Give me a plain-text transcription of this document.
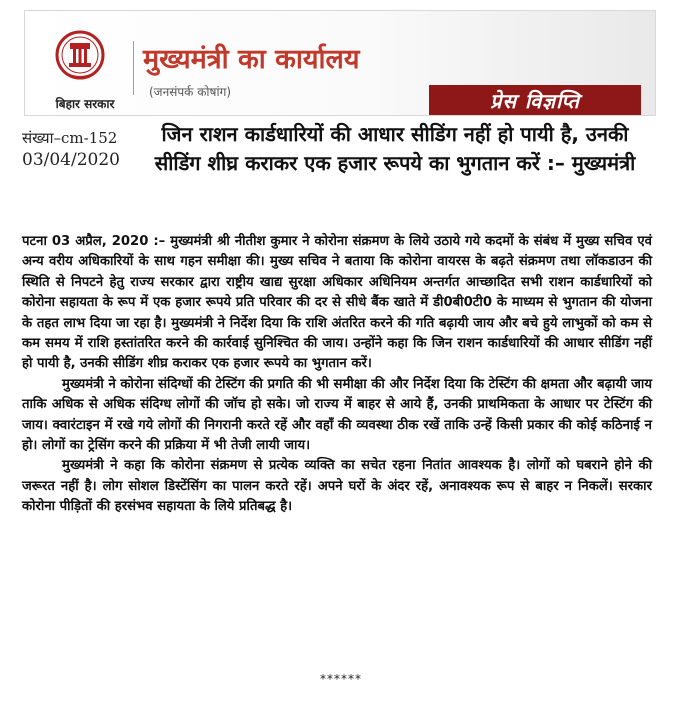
बिहार सरकार
मुख्यमंत्री का कार्यालय
(जनसंपर्क कोषांग)	प्रेस विज्ञप्ति
संख्या–cm-152
03/04/2020
जिन राशन कार्डधारियों की आधार सीडिंग नहीं हो पायी है, उनकी सीडिंग शीघ्र कराकर एक हजार रूपये का भुगतान करें :– मुख्यमंत्री

पटना 03 अप्रैल, 2020 :– मुख्यमंत्री श्री नीतीश कुमार ने कोरोना संक्रमण के लिये उठाये गये कदमों के संबंध में मुख्य सचिव एवं अन्य वरीय अधिकारियों के साथ गहन समीक्षा की। मुख्य सचिव ने बताया कि कोरोना वायरस के बढ़ते संक्रमण तथा लॉकडाउन की स्थिति से निपटने हेतु राज्य सरकार द्वारा राष्ट्रीय खाद्य सुरक्षा अधिकार अधिनियम अन्तर्गत आच्छादित सभी राशन कार्डधारियों को कोरोना सहायता के रूप में एक हजार रूपये प्रति परिवार की दर से सीधे बैंक खाते में डी0बी0टी0 के माध्यम से भुगतान की योजना के तहत लाभ दिया जा रहा है। मुख्यमंत्री ने निर्देश दिया कि राशि अंतरित करने की गति बढ़ायी जाय और बचे हुये लाभुकों को कम से कम समय में राशि हस्तांतरित करने की कार्रवाई सुनिश्चित की जाय। उन्होंने कहा कि जिन राशन कार्डधारियों की आधार सीडिंग नहीं हो पायी है, उनकी सीडिंग शीघ्र कराकर एक हजार रूपये का भुगतान करें।

मुख्यमंत्री ने कोरोना संदिग्धों की टेस्टिंग की प्रगति की भी समीक्षा की और निर्देश दिया कि टेस्टिंग की क्षमता और बढ़ायी जाय ताकि अधिक से अधिक संदिग्ध लोगों की जॉच हो सके। जो राज्य में बाहर से आये हैं, उनकी प्राथमिकता के आधार पर टेस्टिंग की जाय। क्वारंटाइन में रखे गये लोगों की निगरानी करते रहें और वहाँ की व्यवस्था ठीक रखें ताकि उन्हें किसी प्रकार की कोई कठिनाई न हो। लोगों का ट्रेसिंग करने की प्रक्रिया में भी तेजी लायी जाय।

मुख्यमंत्री ने कहा कि कोरोना संक्रमण से प्रत्येक व्यक्ति का सचेत रहना नितांत आवश्यक है। लोगों को घबराने होने की जरूरत नहीं है। लोग सोशल डिस्टेंसिंग का पालन करते रहें। अपने घरों के अंदर रहें, अनावश्यक रूप से बाहर न निकलें। सरकार कोरोना पीड़ितों की हरसंभव सहायता के लिये प्रतिबद्ध है।

******
